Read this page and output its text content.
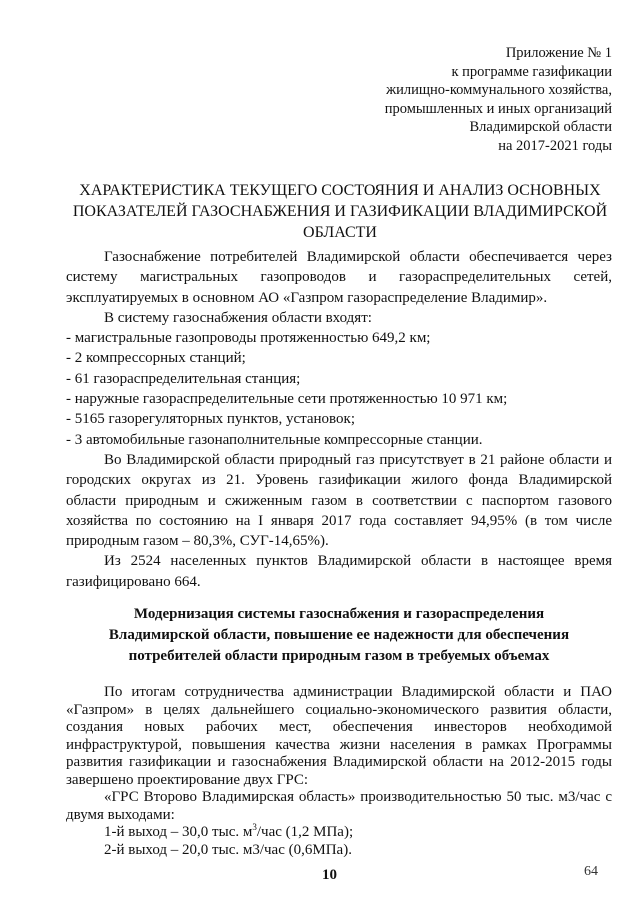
Приложение № 1
к программе газификации
жилищно-коммунального хозяйства,
промышленных и иных организаций
Владимирской области
на 2017-2021 годы
ХАРАКТЕРИСТИКА ТЕКУЩЕГО СОСТОЯНИЯ И АНАЛИЗ ОСНОВНЫХ
ПОКАЗАТЕЛЕЙ ГАЗОСНАБЖЕНИЯ И ГАЗИФИКАЦИИ ВЛАДИМИРСКОЙ
ОБЛАСТИ

Газоснабжение потребителей Владимирской области обеспечивается через систему магистральных газопроводов и газораспределительных сетей, эксплуатируемых в основном АО «Газпром газораспределение Владимир».

В систему газоснабжения области входят:

- магистральные газопроводы протяженностью 649,2 км;

- 2 компрессорных станций;

- 61 газораспределительная станция;

- наружные газораспределительные сети протяженностью 10 971 км;

- 5165 газорегуляторных пунктов, установок;

- 3 автомобильные газонаполнительные компрессорные станции.

Во Владимирской области природный газ присутствует в 21 районе области и городских округах из 21. Уровень газификации жилого фонда Владимирской области природным и сжиженным газом в соответствии с паспортом газового хозяйства по состоянию на I января 2017 года составляет 94,95% (в том числе природным газом – 80,3%, СУГ-14,65%).

Из 2524 населенных пунктов Владимирской области в настоящее время газифицировано 664.

Модернизация системы газоснабжения и газораспределения
Владимирской области, повышение ее надежности для обеспечения
потребителей области природным газом в требуемых объемах

По итогам сотрудничества администрации Владимирской области и ПАО «Газпром» в целях дальнейшего социально-экономического развития области, создания новых рабочих мест, обеспечения инвесторов необходимой инфраструктурой, повышения качества жизни населения в рамках Программы развития газификации и газоснабжения Владимирской области на 2012-2015 годы завершено проектирование двух ГРС:

«ГРС Второво Владимирская область» производительностью 50 тыс. м3/час с двумя выходами:

1-й выход – 30,0 тыс. $м^3$/час (1,2 МПа);

2-й выход – 20,0 тыс. м3/час (0,6МПа).

10	64
